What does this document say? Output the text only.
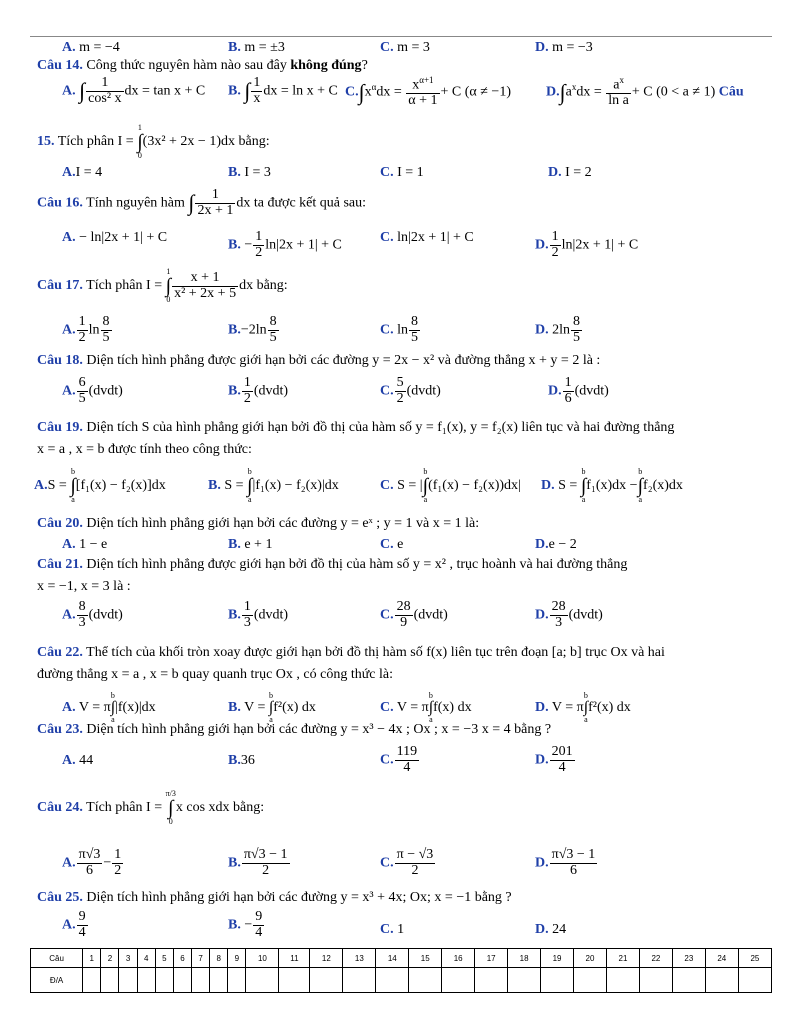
A. m = −4	B. m = ±3	C. m = 3	D. m = −3
Câu 14. Công thức nguyên hàm nào sau đây không đúng?
A. ∫ $\frac{1}{\text{cos² x}}$ dx = tan x + C B. ∫ $\frac{1}{x}$ dx = ln x + C $C.\int x^\alpha dx = \frac{x^{\alpha+1}}{\alpha + 1} + C$ (α ≠ −1)	$D.\int a^xdx = \frac{a^x}{\text{ln a}} + C$ (0 < a ≠ 1) Câu
15. Tích phân I = 1
∫
0(3x² + 2x − 1)dx bằng:
A.I = 4	B. I = 3	C. I = 1	D. I = 2
Câu 16. Tính nguyên hàm ∫ $\frac{1}{2x + 1}$ dx ta được kết quả sau:
A. − ln|2x + 1| + C	B. − $\frac{1}{2} \ln|2x + 1| + C$	C. ln|2x + 1| + C	D. $\frac{1}{2} \ln|2x + 1| + C$
Câu 17. Tích phân I = 1
∫
$0 \frac{x + 1}{\text{x² + 2x + 5}}$ dx bằng:
A. $\frac{1}{2}$ $\ln \frac{8}{5}$	$B.-2\ln \frac{8}{5}$	C. $\ln \frac{8}{5}$	D. $2\ln \frac{8}{5}$
Câu 18. Diện tích hình phẳng được giới hạn bởi các đường y = 2x − x² và đường thẳng x + y = 2 là :
A. $\frac{6}{5}$ (dvdt)	B. $\frac{1}{2}$ (dvdt)	C. $\frac{5}{2}$ (dvdt)	D. $\frac{1}{6}$ (dvdt)
Câu 19. Diện tích S của hình phẳng giới hạn bởi đồ thị của hàm số y = f₁(x), y = f₂(x) liên tục và hai đường thẳng
x = a , x = b được tính theo công thức:
A.S = b
∫
a[f₁(x) − f₂(x)]dx	B. S = b
∫
a|f₁(x) − f₂(x)|dx	C. S = |b
∫
a(f₁(x) − f₂(x))dx| D. S = b
∫
af₁(x)dx −b
∫
af₂(x)dx
Câu 20. Diện tích hình phẳng giới hạn bởi các đường y = eˣ ; y = 1 và x = 1 là:
A. 1 − e	B. e + 1	C. e	D.e − 2
Câu 21. Diện tích hình phẳng được giới hạn bởi đồ thị của hàm số y = x² , trục hoành và hai đường thẳng
x = −1, x = 3 là :
A. $\frac{8}{3}$ (dvdt)	B. $\frac{1}{3}$ (dvdt)	C. $\frac{28}{9}$ (dvdt)	D. $\frac{28}{3}$ (dvdt)
Câu 22. Thể tích của khối tròn xoay được giới hạn bởi đồ thị hàm số f(x) liên tục trên đoạn [a; b] trục Ox và hai
đường thẳng x = a , x = b quay quanh trục Ox , có công thức là:
A. V = πb
∫
a|f(x)|dx	B. V = b
∫
af²(x) dx	C. V = πb
∫
af(x) dx	D. V = πb
∫
af²(x) dx
Câu 23. Diện tích hình phẳng giới hạn bởi các đường y = x³ − 4x ; Ox ; x = −3 x = 4 bằng ?
A. 44	B.36	C. $\frac{119}{4}$	D. $\frac{201}{4}$
Câu 24. Tích phân I = π/3
∫
0x cos xdx bằng:
A. $\frac{\pi√3}{6} - \frac{1}{2}$	B. $\frac{\pi√3 - 1}{2}$	C. $\frac{\pi - √3}{2}$	D. $\frac{\pi√3 - 1}{6}$
Câu 25. Diện tích hình phẳng giới hạn bởi các đường y = x³ + 4x; Ox; x = −1 bằng ?
A. $\frac{9}{4}$	B. − $\frac{9}{4}$	C. 1	D. 24
Câu	1	2	3	4	5	6	7	8	9	10	11	12	13	14	15	16	17	18	19	20	21	22	23	24	25
Đ/A																									
